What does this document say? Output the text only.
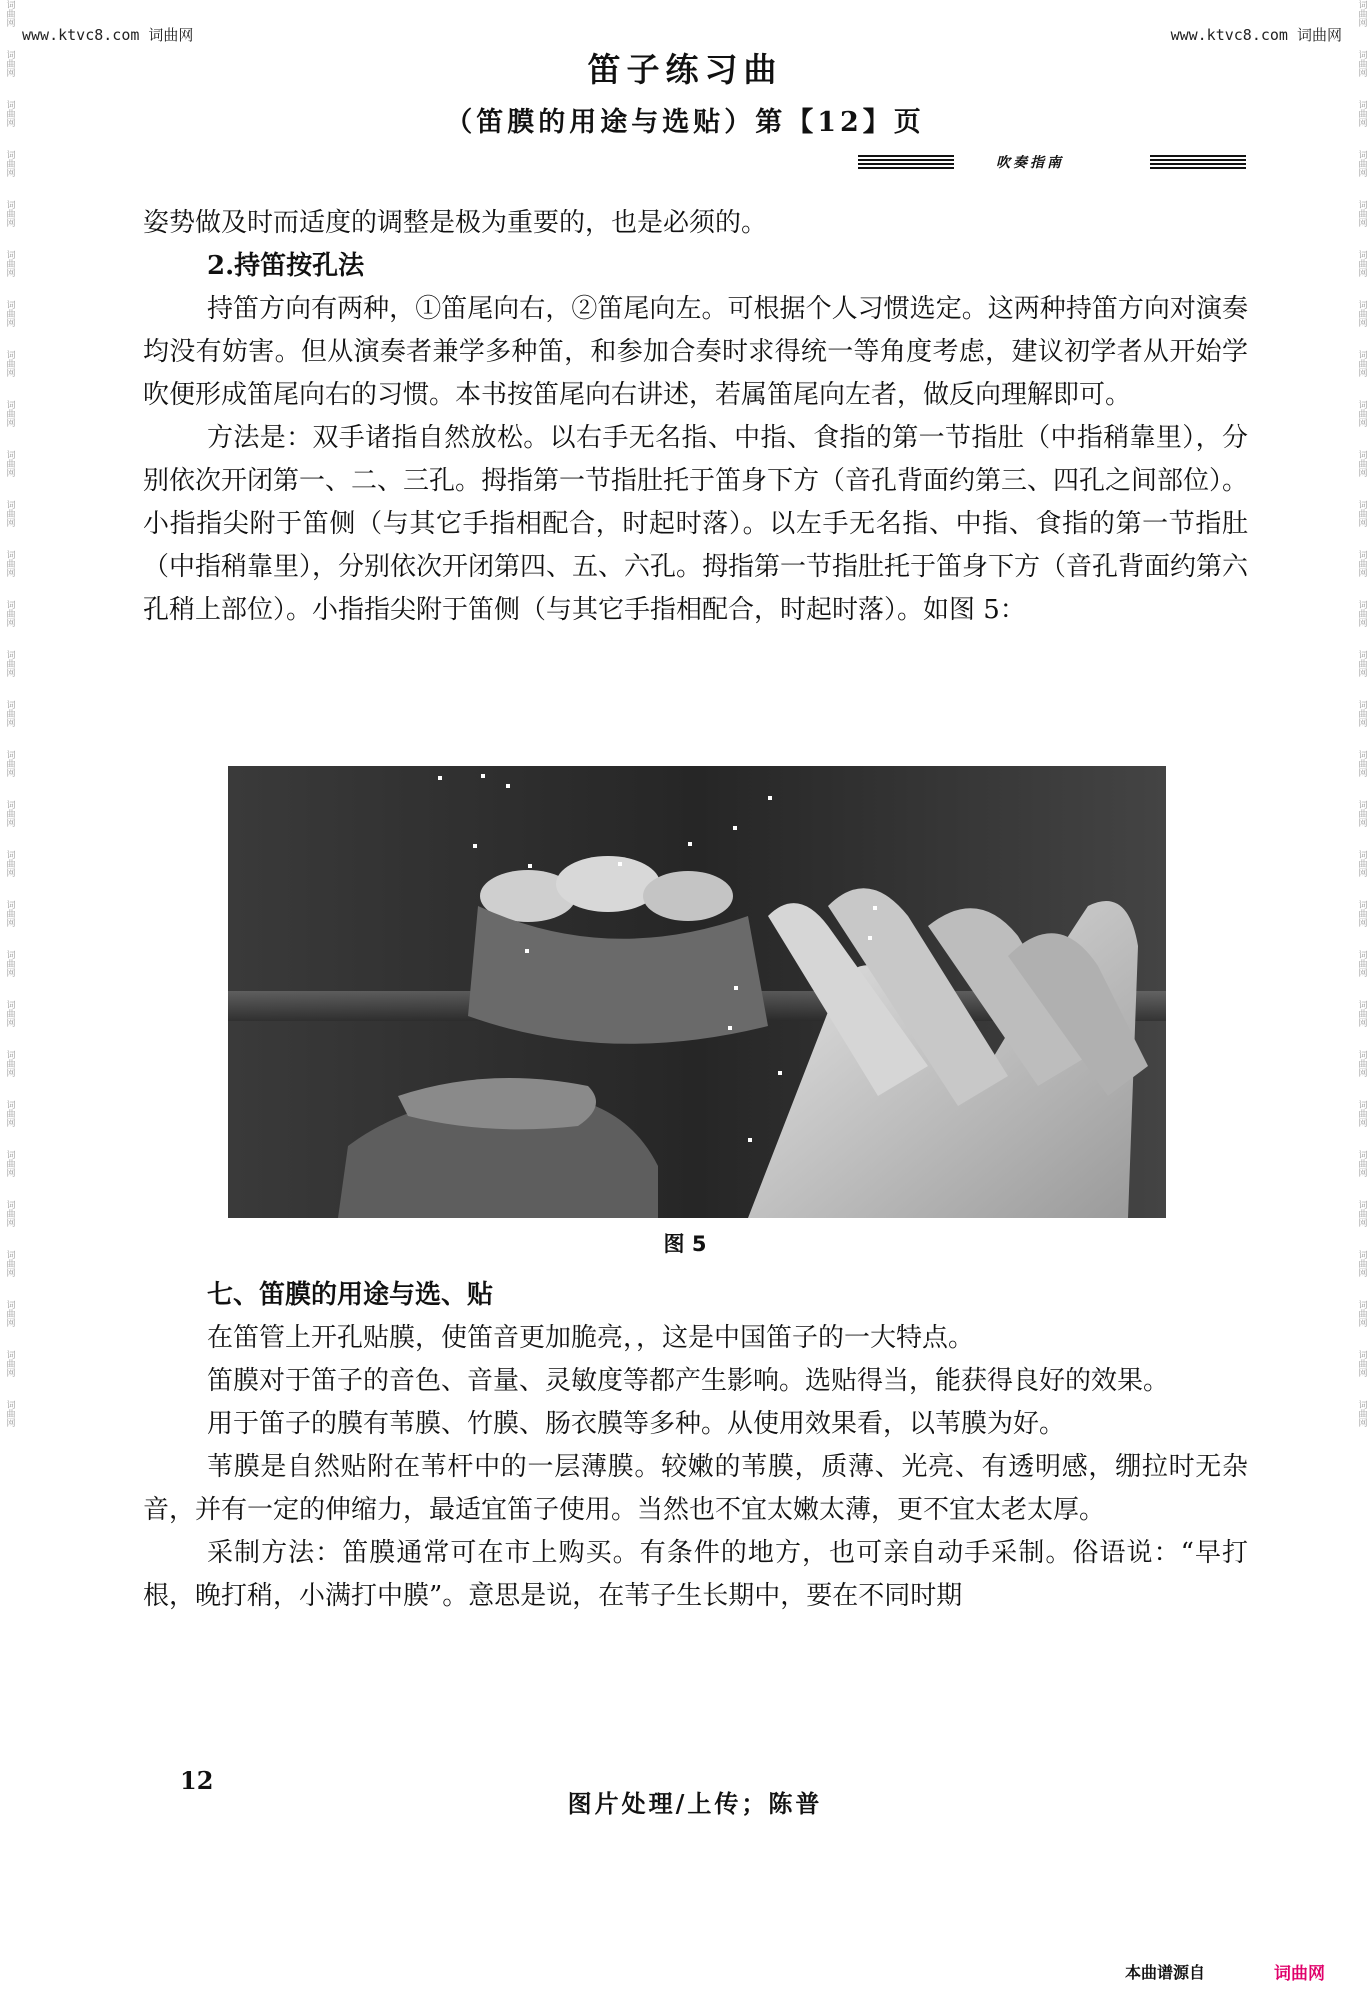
词曲网
词曲网
词曲网
词曲网
词曲网
词曲网
词曲网
词曲网
词曲网
词曲网
词曲网
词曲网
词曲网
词曲网
词曲网
词曲网
词曲网
词曲网
词曲网
词曲网
词曲网
词曲网
词曲网
词曲网
词曲网
词曲网
词曲网
词曲网
词曲网
词曲网
词曲网
词曲网
词曲网
词曲网
词曲网
词曲网
词曲网
词曲网
词曲网
词曲网
词曲网
词曲网
词曲网
词曲网
词曲网
词曲网
词曲网
词曲网
词曲网
词曲网
词曲网
词曲网
词曲网
词曲网
词曲网
词曲网
词曲网
词曲网
www.ktvc8.com 词曲网	www.ktvc8.com 词曲网
笛子练习曲
（笛膜的用途与选贴）第【12】页
吹奏指南

姿势做及时而适度的调整是极为重要的，也是必须的。

2.持笛按孔法

持笛方向有两种，①笛尾向右，②笛尾向左。可根据个人习惯选定。这两种持笛方向对演奏均没有妨害。但从演奏者兼学多种笛，和参加合奏时求得统一等角度考虑，建议初学者从开始学吹便形成笛尾向右的习惯。本书按笛尾向右讲述，若属笛尾向左者，做反向理解即可。

方法是：双手诸指自然放松。以右手无名指、中指、食指的第一节指肚（中指稍靠里），分别依次开闭第一、二、三孔。拇指第一节指肚托于笛身下方（音孔背面约第三、四孔之间部位）。小指指尖附于笛侧（与其它手指相配合，时起时落）。以左手无名指、中指、食指的第一节指肚（中指稍靠里），分别依次开闭第四、五、六孔。拇指第一节指肚托于笛身下方（音孔背面约第六孔稍上部位）。小指指尖附于笛侧（与其它手指相配合，时起时落）。如图 5：

图 5

七、笛膜的用途与选、贴

在笛管上开孔贴膜，使笛音更加脆亮，，这是中国笛子的一大特点。

笛膜对于笛子的音色、音量、灵敏度等都产生影响。选贴得当，能获得良好的效果。

用于笛子的膜有苇膜、竹膜、肠衣膜等多种。从使用效果看，以苇膜为好。

苇膜是自然贴附在苇杆中的一层薄膜。较嫩的苇膜，质薄、光亮、有透明感，绷拉时无杂音，并有一定的伸缩力，最适宜笛子使用。当然也不宜太嫩太薄，更不宜太老太厚。

采制方法：笛膜通常可在市上购买。有条件的地方，也可亲自动手采制。俗语说：“早打根，晚打稍，小满打中膜”。意思是说，在苇子生长期中，要在不同时期

12
图片处理/上传；陈普
本曲谱源自	词曲网
